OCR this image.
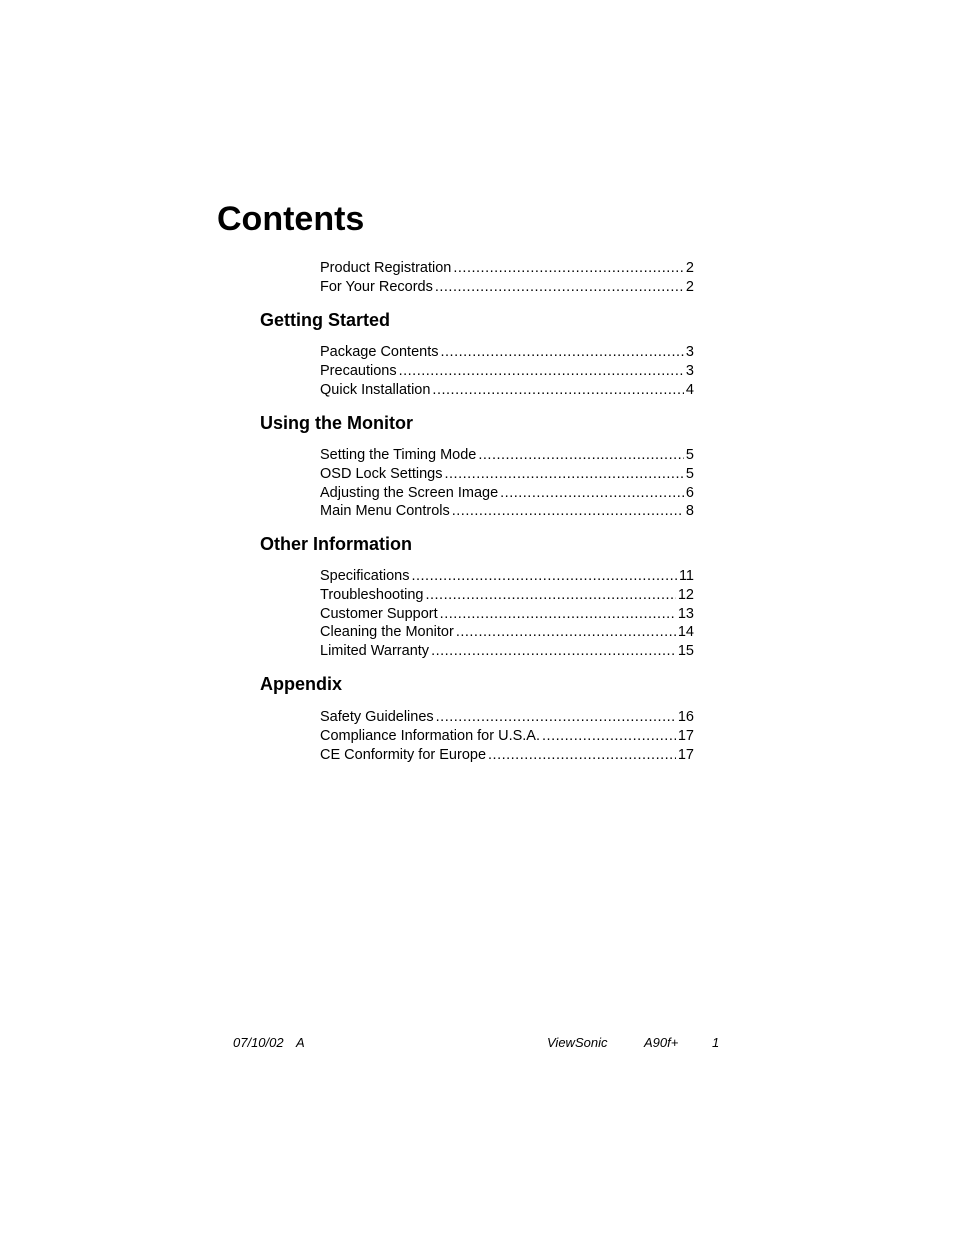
Contents
Product Registration .....	2
For Your Records .....	2
Getting Started
Package Contents .....	3
Precautions .....	3
Quick Installation .....	4
Using the Monitor
Setting the Timing Mode .....	5
OSD Lock Settings .....	5
Adjusting the Screen Image .....	6
Main Menu Controls .....	8
Other Information
Specifications .....	11
Troubleshooting .....	12
Customer Support .....	13
Cleaning the Monitor .....	14
Limited Warranty .....	15
Appendix
Safety Guidelines .....	16
Compliance Information for U.S.A. .....	17
CE Conformity for Europe .....	17
07/10/02 A	ViewSonic	A90f+	1
